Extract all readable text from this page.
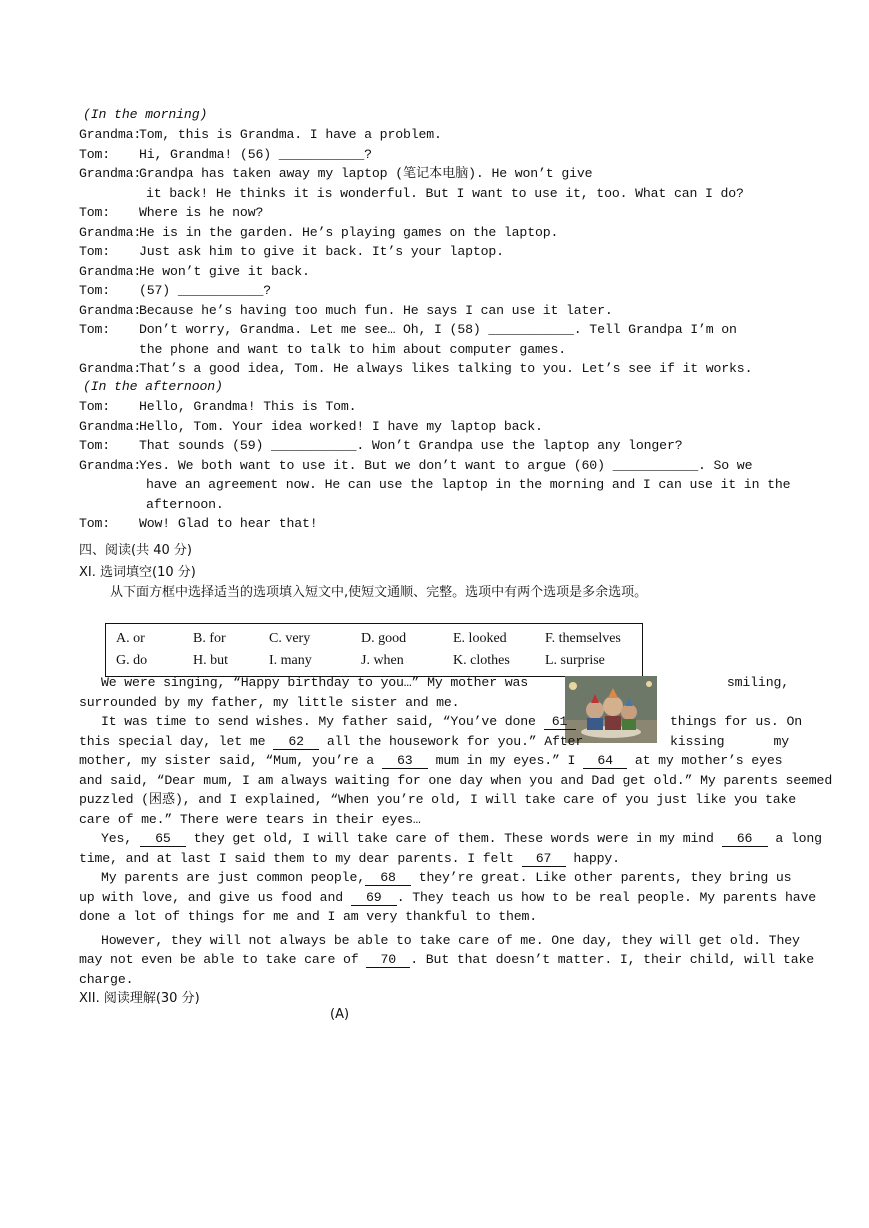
(In the morning)
Grandma:Tom, this is Grandma. I have a problem.
Tom: Hi, Grandma! (56) ___________?
Grandma:Grandpa has taken away my laptop (笔记本电脑). He won’t give
it back! He thinks it is wonderful. But I want to use it, too. What can I do?
Tom: Where is he now?
Grandma:He is in the garden. He’s playing games on the laptop.
Tom: Just ask him to give it back. It’s your laptop.
Grandma:He won’t give it back.
Tom: (57) ___________?
Grandma:Because he’s having too much fun. He says I can use it later.
Tom: Don’t worry, Grandma. Let me see… Oh, I (58) ___________. Tell Grandpa I’m on
the phone and want to talk to him about computer games.
Grandma:That’s a good idea, Tom. He always likes talking to you. Let’s see if it works.
(In the afternoon)
Tom: Hello, Grandma! This is Tom.
Grandma:Hello, Tom. Your idea worked! I have my laptop back.
Tom: That sounds (59) ___________. Won’t Grandpa use the laptop any longer?
Grandma:Yes. We both want to use it. But we don’t want to argue (60) ___________. So we
have an agreement now. He can use the laptop in the morning and I can use it in the
afternoon.
Tom: Wow! Glad to hear that!
四、阅读(共 40 分)
XI. 选词填空(10 分)
从下面方框中选择适当的选项填入短文中,使短文通顺、完整。选项中有两个选项是多余选项。
A. or	B. for	C. very	D. good	E. looked	F. themselves
G. do	H. but	I. many	J. when	K. clothes	L. surprise
We were singing, “Happy birthday to you…” My mother was	smiling,
surrounded by my father, my little sister and me.
It was time to send wishes. My father said, “You’ve done 61	things for us. On
this special day, let me 62 all the housework for you.” After	kissing	my
mother, my sister said, “Mum, you’re a 63 mum in my eyes.” I 64 at my mother’s eyes
and said, “Dear mum, I am always waiting for one day when you and Dad get old.” My parents seemed
puzzled (困惑), and I explained, “When you’re old, I will take care of you just like you take
care of me.” There were tears in their eyes…
Yes, 65 they get old, I will take care of them. These words were in my mind 66 a long
time, and at last I said them to my dear parents. I felt 67 happy.
My parents are just common people, 68 they’re great. Like other parents, they bring us
up with love, and give us food and 69 . They teach us how to be real people. My parents have
done a lot of things for me and I am very thankful to them.
However, they will not always be able to take care of me. One day, they will get old. They
may not even be able to take care of 70 . But that doesn’t matter. I, their child, will take
charge.
XII. 阅读理解(30 分)
(A)
